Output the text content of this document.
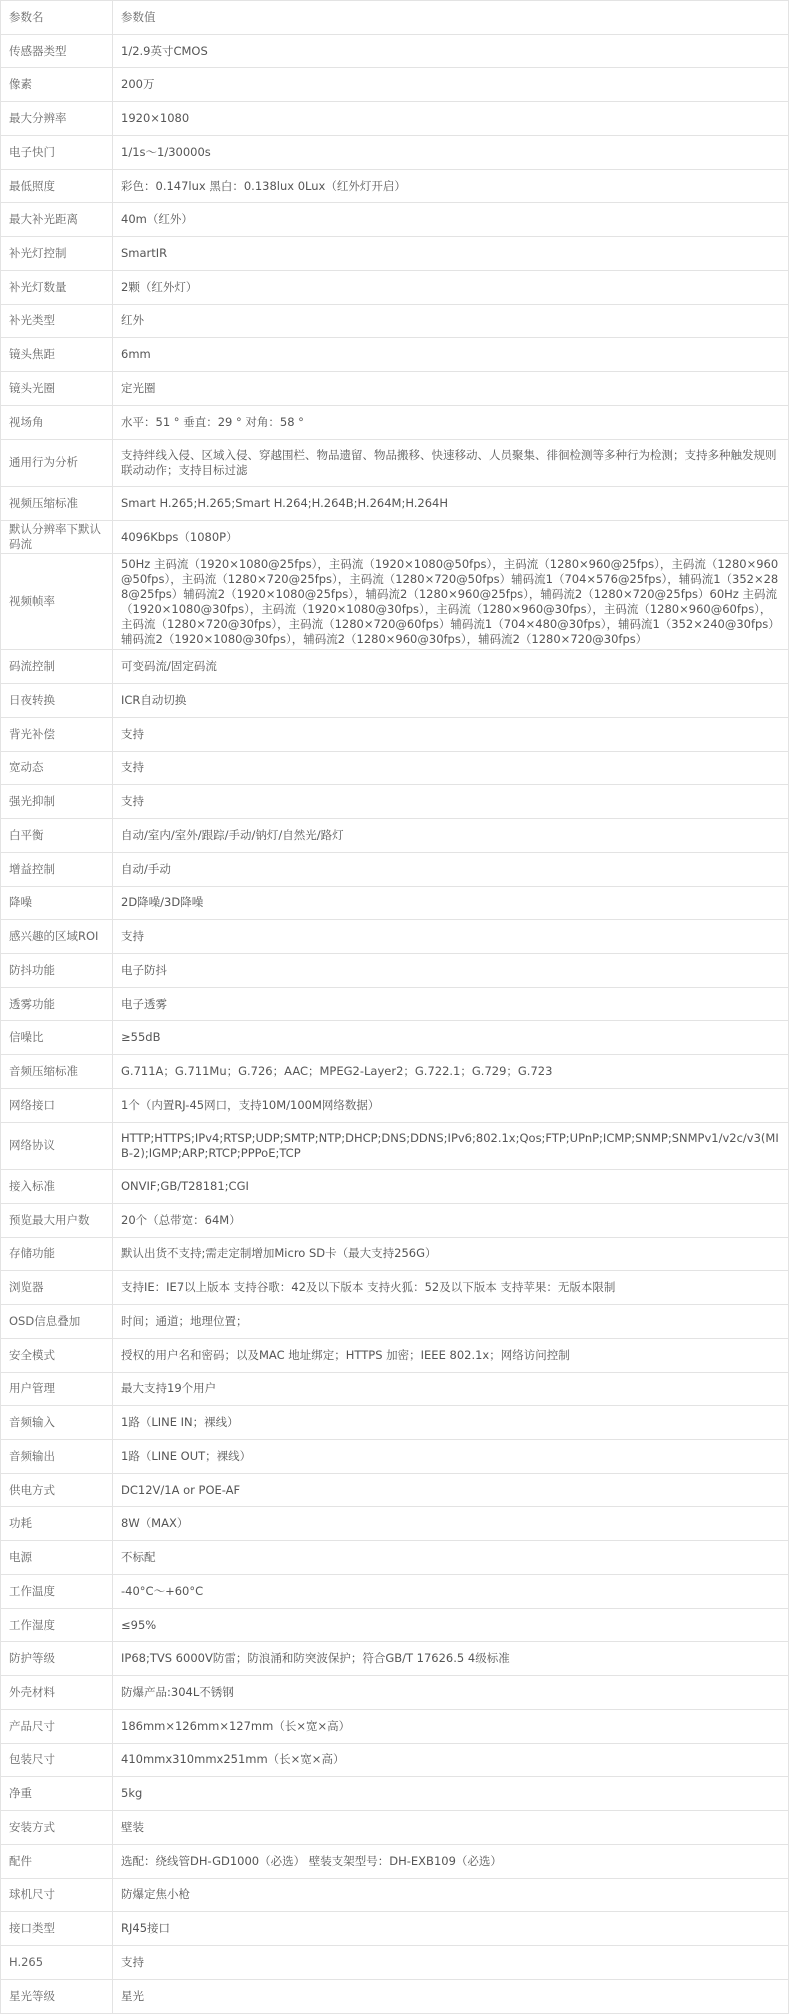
参数名	参数值
传感器类型	1/2.9英寸CMOS
像素	200万
最大分辨率	1920×1080
电子快门	1/1s～1/30000s
最低照度	彩色：0.147lux 黑白：0.138lux 0Lux（红外灯开启）
最大补光距离	40m（红外）
补光灯控制	SmartIR
补光灯数量	2颗（红外灯）
补光类型	红外
镜头焦距	6mm
镜头光圈	定光圈
视场角	水平：51 ° 垂直：29 ° 对角：58 °
通用行为分析	支持绊线入侵、区域入侵、穿越围栏、物品遗留、物品搬移、快速移动、人员聚集、徘徊检测等多种行为检测；支持多种触发规则联动动作；支持目标过滤
视频压缩标准	Smart H.265;H.265;Smart H.264;H.264B;H.264M;H.264H
默认分辨率下默认码流	4096Kbps（1080P）
视频帧率	50Hz 主码流（1920×1080@25fps），主码流（1920×1080@50fps），主码流（1280×960@25fps），主码流（1280×960@50fps），主码流（1280×720@25fps），主码流（1280×720@50fps）辅码流1（704×576@25fps），辅码流1（352×288@25fps）辅码流2（1920×1080@25fps），辅码流2（1280×960@25fps），辅码流2（1280×720@25fps）60Hz 主码流（1920×1080@30fps），主码流（1920×1080@30fps），主码流（1280×960@30fps），主码流（1280×960@60fps），主码流（1280×720@30fps），主码流（1280×720@60fps）辅码流1（704×480@30fps），辅码流1（352×240@30fps）辅码流2（1920×1080@30fps），辅码流2（1280×960@30fps），辅码流2（1280×720@30fps）
码流控制	可变码流/固定码流
日夜转换	ICR自动切换
背光补偿	支持
宽动态	支持
强光抑制	支持
白平衡	自动/室内/室外/跟踪/手动/钠灯/自然光/路灯
增益控制	自动/手动
降噪	2D降噪/3D降噪
感兴趣的区域ROI	支持
防抖功能	电子防抖
透雾功能	电子透雾
信噪比	≥55dB
音频压缩标准	G.711A；G.711Mu；G.726；AAC；MPEG2-Layer2；G.722.1；G.729；G.723
网络接口	1个（内置RJ-45网口，支持10M/100M网络数据）
网络协议	HTTP;HTTPS;IPv4;RTSP;UDP;SMTP;NTP;DHCP;DNS;DDNS;IPv6;802.1x;Qos;FTP;UPnP;ICMP;SNMP;SNMPv1/v2c/v3(MIB-2);IGMP;ARP;RTCP;PPPoE;TCP
接入标准	ONVIF;GB/T28181;CGI
预览最大用户数	20个（总带宽：64M）
存储功能	默认出货不支持;需走定制增加Micro SD卡（最大支持256G）
浏览器	支持IE：IE7以上版本 支持谷歌：42及以下版本 支持火狐：52及以下版本 支持苹果：无版本限制
OSD信息叠加	时间；通道；地理位置；
安全模式	授权的用户名和密码；以及MAC 地址绑定；HTTPS 加密；IEEE 802.1x；网络访问控制
用户管理	最大支持19个用户
音频输入	1路（LINE IN；裸线）
音频输出	1路（LINE OUT；裸线）
供电方式	DC12V/1A or POE-AF
功耗	8W（MAX）
电源	不标配
工作温度	-40°C～+60°C
工作湿度	≤95%
防护等级	IP68;TVS 6000V防雷；防浪涌和防突波保护；符合GB/T 17626.5 4级标准
外壳材料	防爆产品:304L不锈钢
产品尺寸	186mm×126mm×127mm（长×宽×高）
包装尺寸	410mmx310mmx251mm（长×宽×高）
净重	5kg
安装方式	壁装
配件	选配：绕线管DH-GD1000（必选） 壁装支架型号：DH-EXB109（必选）
球机尺寸	防爆定焦小枪
接口类型	RJ45接口
H.265	支持
星光等级	星光
